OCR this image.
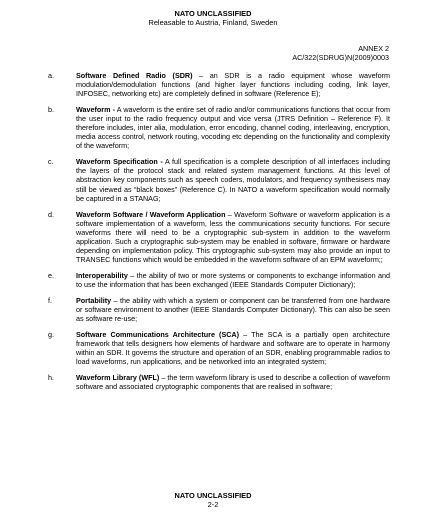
NATO UNCLASSIFIED
Releasable to Austria, Finland, Sweden
ANNEX 2
AC/322(SDRUG)N(2009)0003
a.	Software Defined Radio (SDR) – an SDR is a radio equipment whose waveform modulation/demodulation functions (and higher layer functions including coding, link layer, INFOSEC, networking etc) are completely defined in software (Reference E);
b.	Waveform - A waveform is the entire set of radio and/or communications functions that occur from the user input to the radio frequency output and vice versa (JTRS Definition – Reference F). It therefore includes, inter alia, modulation, error encoding, channel coding, interleaving, encryption, media access control, network routing, vocoding etc depending on the functionality and complexity of the waveform;
c.	Waveform Specification - A full specification is a complete description of all interfaces including the layers of the protocol stack and related system management functions. At this level of abstraction key components such as speech coders, modulators, and frequency synthesisers may still be viewed as “black boxes” (Reference C). In NATO a waveform specification would normally be captured in a STANAG;
d.	Waveform Software / Waveform Application – Waveform Software or waveform application is a software implementation of a waveform, less the communications security functions. For secure waveforms there will need to be a cryptographic sub-system in addition to the waveform application. Such a cryptographic sub-system may be enabled in software, firmware or hardware depending on implementation policy. This cryptographic sub-system may also provide an input to TRANSEC functions which would be embedded in the waveform software of an EPM waveform;;
e.	Interoperability – the ability of two or more systems or components to exchange information and to use the information that has been exchanged (IEEE Standards Computer Dictionary);
f.	Portability – the ability with which a system or component can be transferred from one hardware or software environment to another (IEEE Standards Computer Dictionary). This can also be seen as software re-use;
g.	Software Communications Architecture (SCA) – The SCA is a partially open architecture framework that tells designers how elements of hardware and software are to operate in harmony within an SDR. It governs the structure and operation of an SDR, enabling programmable radios to load waveforms, run applications, and be networked into an integrated system;
h.	Waveform Library (WFL) – the term waveform library is used to describe a collection of waveform software and associated cryptographic components that are realised in software;
NATO UNCLASSIFIED
2-2
